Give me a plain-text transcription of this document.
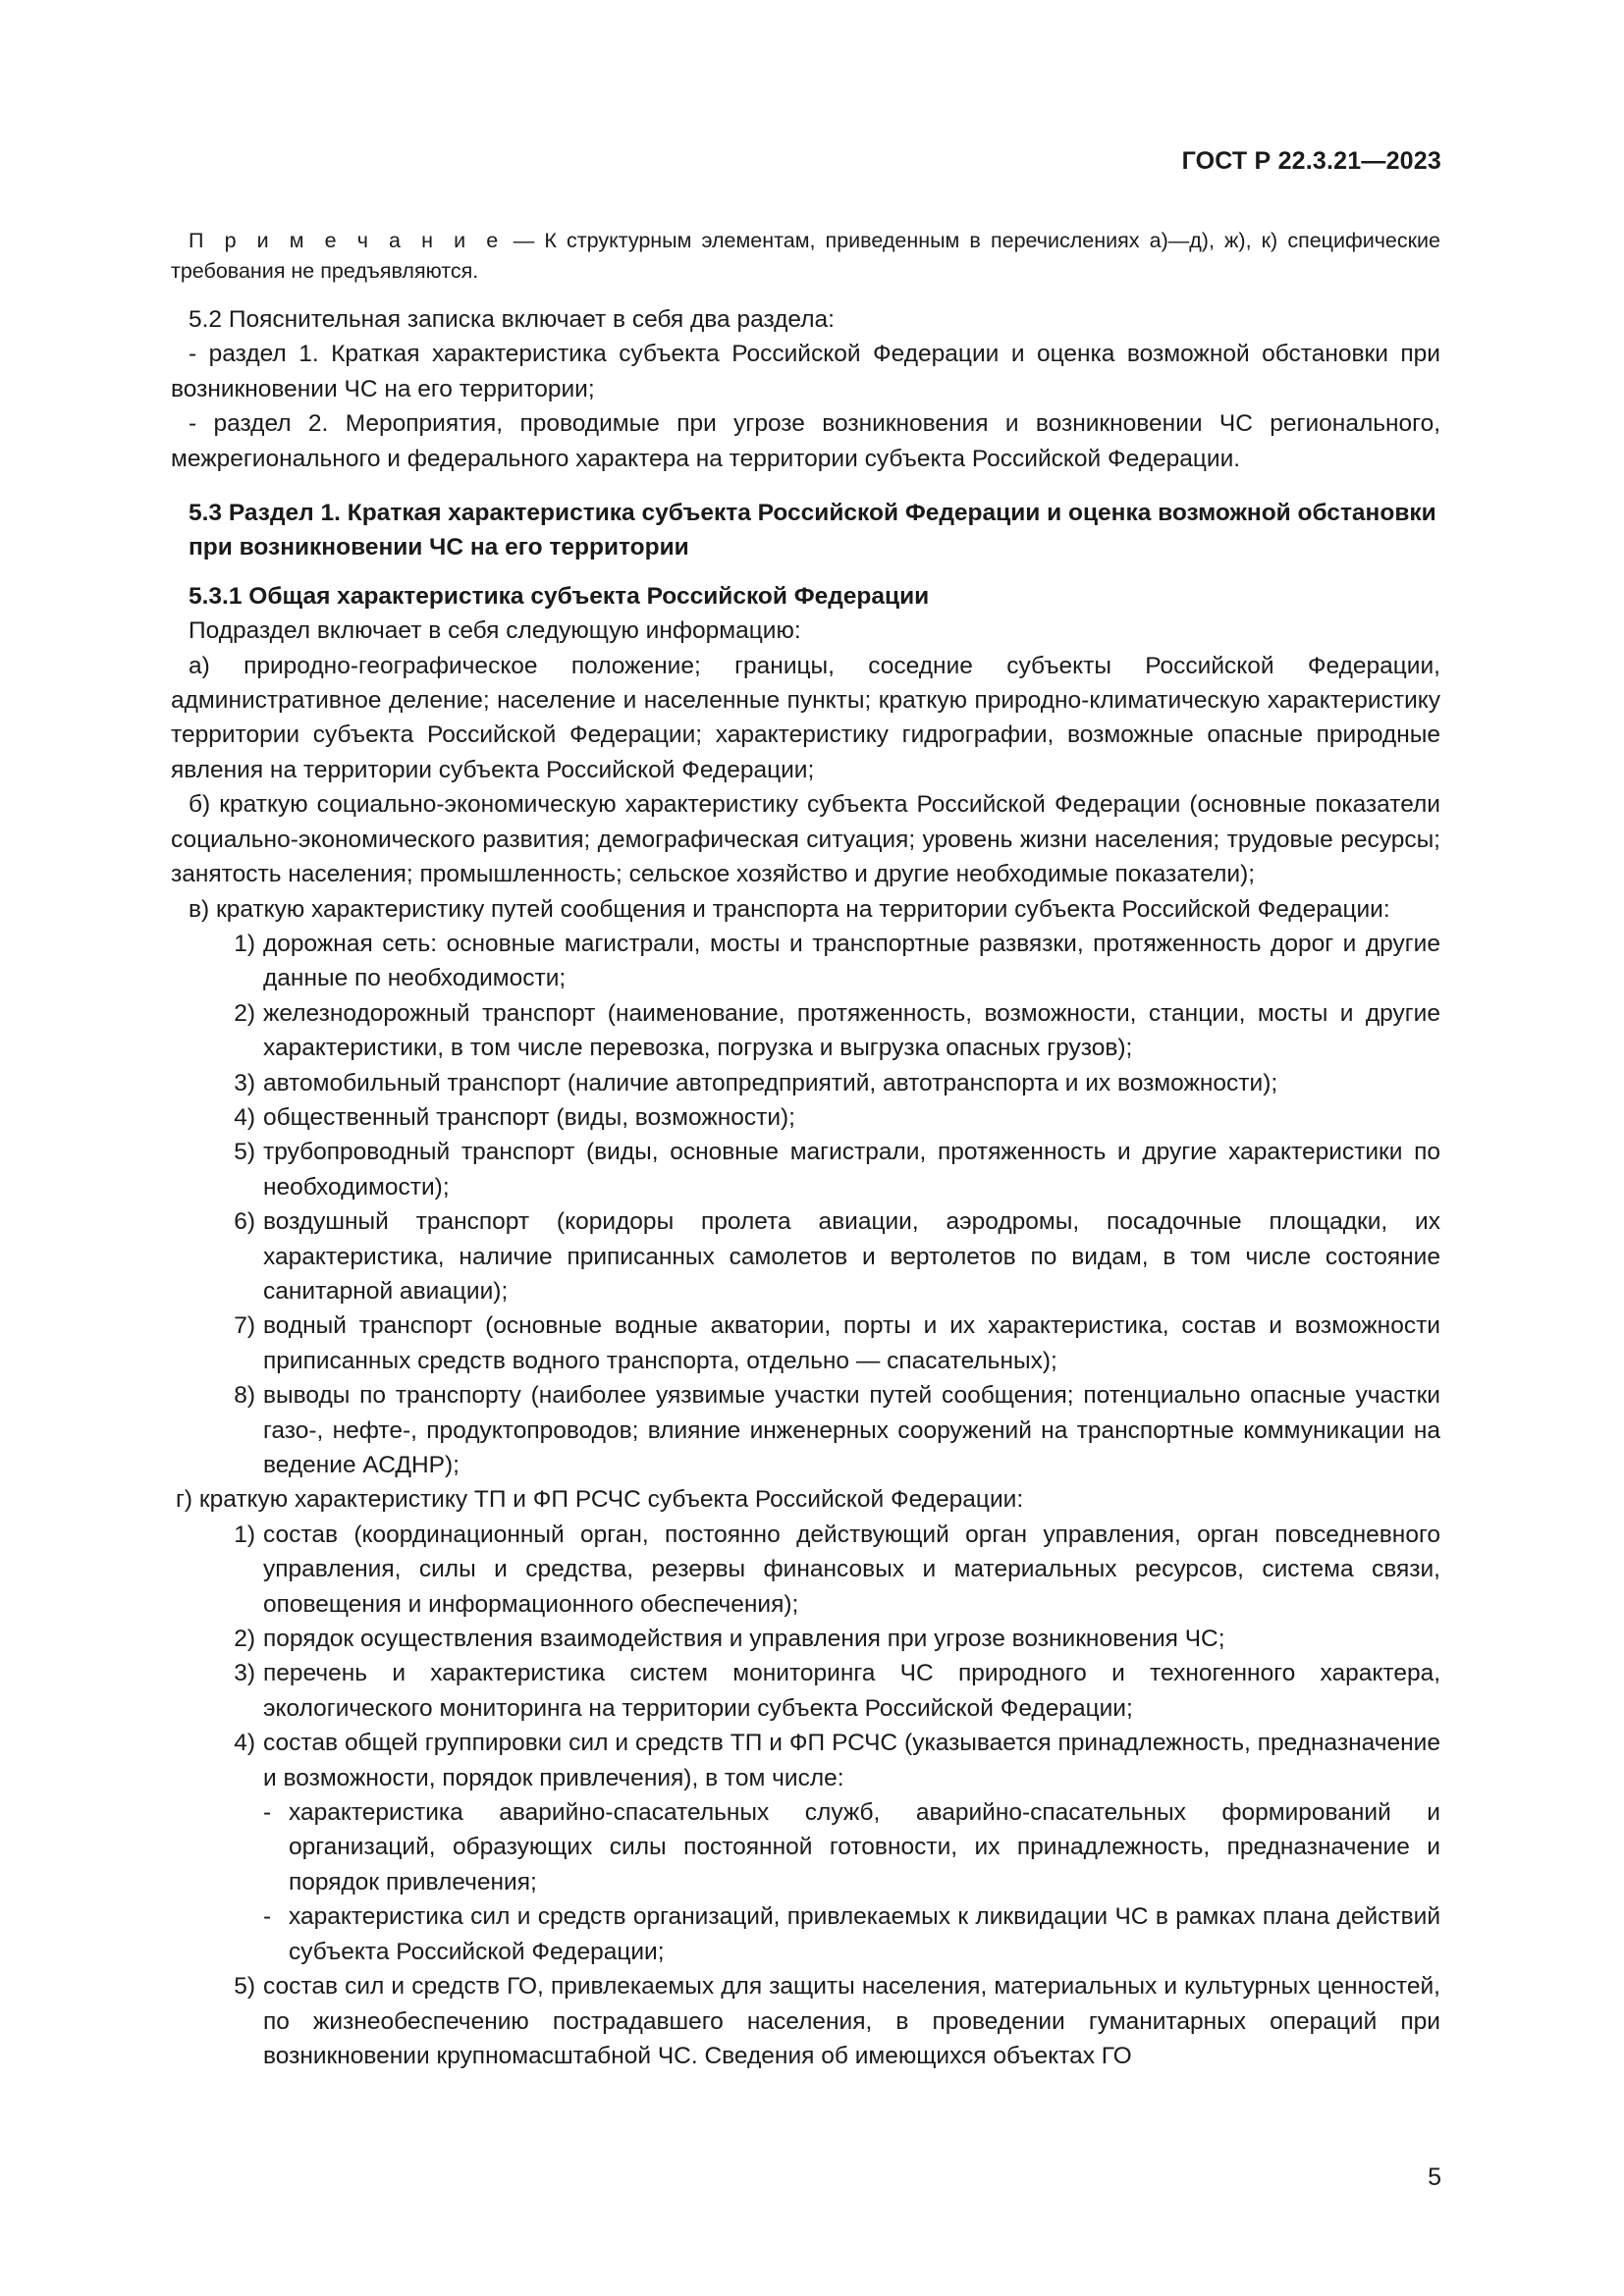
ГОСТ Р 22.3.21—2023

П р и м е ч а н и е — К структурным элементам, приведенным в перечислениях а)—д), ж), к) специфические требования не предъявляются.

5.2 Пояснительная записка включает в себя два раздела:

- раздел 1. Краткая характеристика субъекта Российской Федерации и оценка возможной обстановки при возникновении ЧС на его территории;

- раздел 2. Мероприятия, проводимые при угрозе возникновения и возникновении ЧС регионального, межрегионального и федерального характера на территории субъекта Российской Федерации.

5.3 Раздел 1. Краткая характеристика субъекта Российской Федерации и оценка возможной обстановки при возникновении ЧС на его территории

5.3.1 Общая характеристика субъекта Российской Федерации

Подраздел включает в себя следующую информацию:

а) природно-географическое положение; границы, соседние субъекты Российской Федерации, административное деление; население и населенные пункты; краткую природно-климатическую характеристику территории субъекта Российской Федерации; характеристику гидрографии, возможные опасные природные явления на территории субъекта Российской Федерации;

б) краткую социально-экономическую характеристику субъекта Российской Федерации (основные показатели социально-экономического развития; демографическая ситуация; уровень жизни населения; трудовые ресурсы; занятость населения; промышленность; сельское хозяйство и другие необходимые показатели);

в) краткую характеристику путей сообщения и транспорта на территории субъекта Российской Федерации:

1) дорожная сеть: основные магистрали, мосты и транспортные развязки, протяженность дорог и другие данные по необходимости;
2) железнодорожный транспорт (наименование, протяженность, возможности, станции, мосты и другие характеристики, в том числе перевозка, погрузка и выгрузка опасных грузов);
3) автомобильный транспорт (наличие автопредприятий, автотранспорта и их возможности);
4) общественный транспорт (виды, возможности);
5) трубопроводный транспорт (виды, основные магистрали, протяженность и другие характеристики по необходимости);
6) воздушный транспорт (коридоры пролета авиации, аэродромы, посадочные площадки, их характеристика, наличие приписанных самолетов и вертолетов по видам, в том числе состояние санитарной авиации);
7) водный транспорт (основные водные акватории, порты и их характеристика, состав и возможности приписанных средств водного транспорта, отдельно — спасательных);
8) выводы по транспорту (наиболее уязвимые участки путей сообщения; потенциально опасные участки газо-, нефте-, продуктопроводов; влияние инженерных сооружений на транспортные коммуникации на ведение АСДНР);

г) краткую характеристику ТП и ФП РСЧС субъекта Российской Федерации:

1) состав (координационный орган, постоянно действующий орган управления, орган повседневного управления, силы и средства, резервы финансовых и материальных ресурсов, система связи, оповещения и информационного обеспечения);
2) порядок осуществления взаимодействия и управления при угрозе возникновения ЧС;
3) перечень и характеристика систем мониторинга ЧС природного и техногенного характера, экологического мониторинга на территории субъекта Российской Федерации;
4) состав общей группировки сил и средств ТП и ФП РСЧС (указывается принадлежность, предназначение и возможности, порядок привлечения), в том числе:
- характеристика аварийно-спасательных служб, аварийно-спасательных формирований и организаций, образующих силы постоянной готовности, их принадлежность, предназначение и порядок привлечения;
- характеристика сил и средств организаций, привлекаемых к ликвидации ЧС в рамках плана действий субъекта Российской Федерации;
5) состав сил и средств ГО, привлекаемых для защиты населения, материальных и культурных ценностей, по жизнеобеспечению пострадавшего населения, в проведении гуманитарных операций при возникновении крупномасштабной ЧС. Сведения об имеющихся объектах ГО
5
